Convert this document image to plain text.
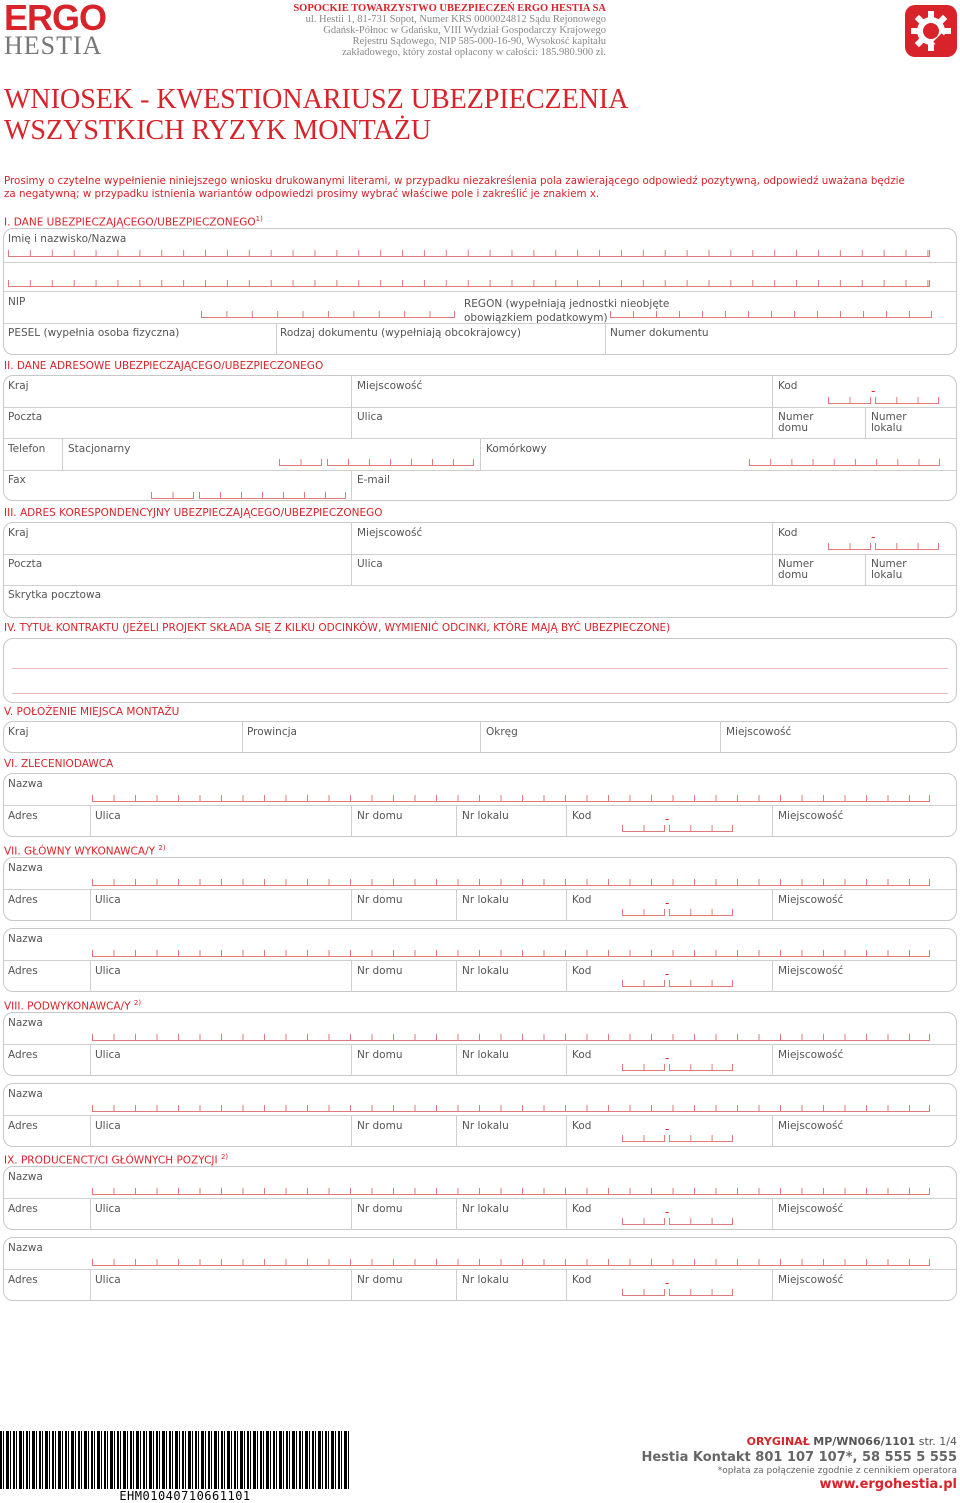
ERGO
HESTIA
SOPOCKIE TOWARZYSTWO UBEZPIECZEŃ ERGO HESTIA SA
ul. Hestii 1, 81-731 Sopot, Numer KRS 0000024812 Sądu Rejonowego
Gdańsk-Północ w Gdańsku, VIII Wydział Gospodarczy Krajowego
Rejestru Sądowego, NIP 585-000-16-90, Wysokość kapitału
zakładowego, który został opłacony w całości: 185.980.900 zł.
WNIOSEK - KWESTIONARIUSZ UBEZPIECZENIA
WSZYSTKICH RYZYK MONTAŻU
Prosimy o czytelne wypełnienie niniejszego wniosku drukowanymi literami, w przypadku niezakreślenia pola zawierającego odpowiedź pozytywną, odpowiedź uważana będzie
za negatywną; w przypadku istnienia wariantów odpowiedzi prosimy wybrać właściwe pole i zakreślić je znakiem x.
I. DANE UBEZPIECZAJĄCEGO/UBEZPIECZONEGO$^{1)}$
Imię i nazwisko/Nazwa
NIP	REGON (wypełniają jednostki nieobjęte
obowiązkiem podatkowym)
PESEL (wypełnia osoba fizyczna)	Rodzaj dokumentu (wypełniają obcokrajowcy)	Numer dokumentu
II. DANE ADRESOWE UBEZPIECZAJĄCEGO/UBEZPIECZONEGO
Kraj	Miejscowość	Kod	-
Poczta	Ulica	Numer
domu
Numer
lokalu
Telefon Stacjonarny	Komórkowy
Fax	E-mail
III. ADRES KORESPONDENCYJNY UBEZPIECZAJĄCEGO/UBEZPIECZONEGO
Kraj	Miejscowość	Kod	-
Poczta	Ulica	Numer
domu
Numer
lokalu
Skrytka pocztowa
IV. TYTUŁ KONTRAKTU (JEŻELI PROJEKT SKŁADA SIĘ Z KILKU ODCINKÓW, WYMIENIĆ ODCINKI, KTÓRE MAJĄ BYĆ UBEZPIECZONE)
V. POŁOŻENIE MIEJSCA MONTAŻU
Kraj	Prowincja	Okręg	Miejscowość
VI. ZLECENIODAWCA
Nazwa
Adres	Ulica	Nr domu	Nr lokalu	Kod	-	Miejscowość
VII. GŁÓWNY WYKONAWCA/Y $^{2)}$
Nazwa
Adres	Ulica	Nr domu	Nr lokalu	Kod	-	Miejscowość
Nazwa
Adres	Ulica	Nr domu	Nr lokalu	Kod	-	Miejscowość
VIII. PODWYKONAWCA/Y $^{2)}$
Nazwa
Adres	Ulica	Nr domu	Nr lokalu	Kod	-	Miejscowość
Nazwa
Adres	Ulica	Nr domu	Nr lokalu	Kod	-	Miejscowość
IX. PRODUCENCT/CI GŁÓWNYCH POZYCJI $^{2)}$
Nazwa
Adres	Ulica	Nr domu	Nr lokalu	Kod	-	Miejscowość
Nazwa
Adres	Ulica	Nr domu	Nr lokalu	Kod	-	Miejscowość
EHM01040710661101
ORYGINAŁ MP/WN066/1101 str. 1/4
Hestia Kontakt 801 107 107*, 58 555 5 555
*opłata za połączenie zgodnie z cennikiem operatora
www.ergohestia.pl
